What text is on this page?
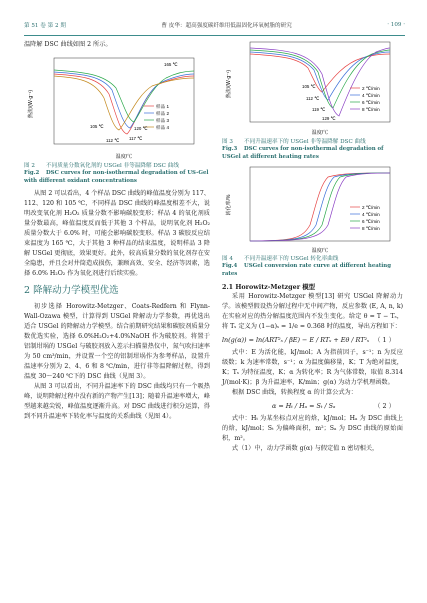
第 51 卷 第 2 期	曹 皮华：超高强度碳纤维用低温固化环氧树脂的研究	· 109 ·

温降解 DSC 曲线如图 2 所示。

热流/(W·g⁻¹)
温度/℃
样品 1
样品 2
样品 3
样品 4
105 ℃
112 ℃ 117 ℃
120 ℃
165 ℃
图 2 不同质量分数氧化剂的 USGel 非等温降解 DSC 曲线
Fig.2 DSC curves for non-isothermal degradation of US-Gel with different oxidant concentrations

从图 2 可以看出，4 个样品 DSC 曲线的峰值温度分别为 117、112、120 和 105 ℃，不同样品 DSC 曲线的峰温度相差不大，说明改变氧化剂 H₂O₂ 质量分数不影响碳胶变形；样品 4 的氧化剂质量分数最高，峰值温度反而低于其他 3 个样品，说明氧化剂 H₂O₂ 质量分数大于 6.0% 时，可能会影响碳胶变形。样品 3 碳胶反应结束温度为 165 ℃，大于其他 3 种样品的结束温度，说明样品 3 降解 USGel 更彻底，效果更好。此外，较高质量分数的氧化剂存在安全隐患，并且会对井筒造成损伤，兼顾高效、安全、经济等因素，选择 6.0% H₂O₂ 作为氧化剂进行后续实验。

2 降解动力学模型优选

初步选择 Horowitz-Metzger、Coats-Redfern 和 Flynn-Wall-Ozawa 模型，计算得到 USGel 降解动力学参数，再优选出适合 USGel 的降解动力学模型。结合前期研究结果和碳胶剂质量分数优选实验，选择 6.0%H₂O₂+4.0%NaOH 作为破胶剂。将置于铝制坩埚的 USGel 与破胶剂放入差示扫描量热仪中，氮气吹扫速率为 50 cm³/min，并设置一个空的铝制坩埚作为参考样品，设置升温速率分别为 2、4、6 和 8 ℃/min，进行非等温降解过程，得到温度 30～240 ℃下的 DSC 曲线（见图 3）。

从图 3 可以看出，不同升温速率下的 DSC 曲线均只有一个吸热峰，说明降解过程中没有新的产物产生[13]；随着升温速率增大，峰型越来越尖锐，峰值温度逐渐升高。对 DSC 曲线进行积分运算，得到不同升温速率下转化率与温度的关系曲线（见图 4）。

热流/(W·g⁻¹)
温度/℃
2 ℃/min
4 ℃/min
6 ℃/min
8 ℃/min
105 ℃
112 ℃
119 ℃
129 ℃
图 3 不同升温速率下的 USGel 非等温降解 DSC 曲线
Fig.3 DSC curves for non-isothermal degradation of USGel at different heating rates
转化率/%
温度/℃
2 ℃/min
4 ℃/min
6 ℃/min
8 ℃/min
图 4 不同升温速率下的 USGel 转化率曲线
Fig.4 USGel conversion rate curve at different heating rates
2.1 Horowitz-Metzger 模型

采用 Horowitz-Metzger 模型[13] 研究 USGel 降解动力学。该模型假设热分解过程中无中间产物，反应参数 (E, A, n, k) 在实验对应的热分解温度范围内不发生变化。给定 θ = T − Tₛ，将 Tₛ 定义为 (1−α)ₛ = 1/e = 0.368 时的温度，导出方程如下：

ln(g(α)) = ln(ART²ₛ / βE) − E / RTₛ + Eθ / RT²ₛ （ 1 ）

式中：E 为活化能，kJ/mol；A 为指前因子，s⁻¹；n 为反应级数；k 为速率常数，s⁻¹；α 为温度偏移量，K；T 为绝对温度，K；Tₛ 为特征温度，K；α 为转化率；R 为气体常数，取值 8.314 J/(mol·K)；β 为升温速率，K/min；g(α) 为动力学机理函数。

根据 DSC 曲线，转换程度 α 的计算公式为：

α = Hₜ / Hₐ = Sₜ / Sₐ	（ 2 ）

式中：Hₜ 为某坐标点对应的焓，kJ/mol；Hₐ 为 DSC 曲线上的焓，kJ/mol；Sₜ 为偏峰面积，m²；Sₐ 为 DSC 曲线的原始面积，m²。

式（1）中，动力学函数 g(α) 与假定值 n 密切相关，
